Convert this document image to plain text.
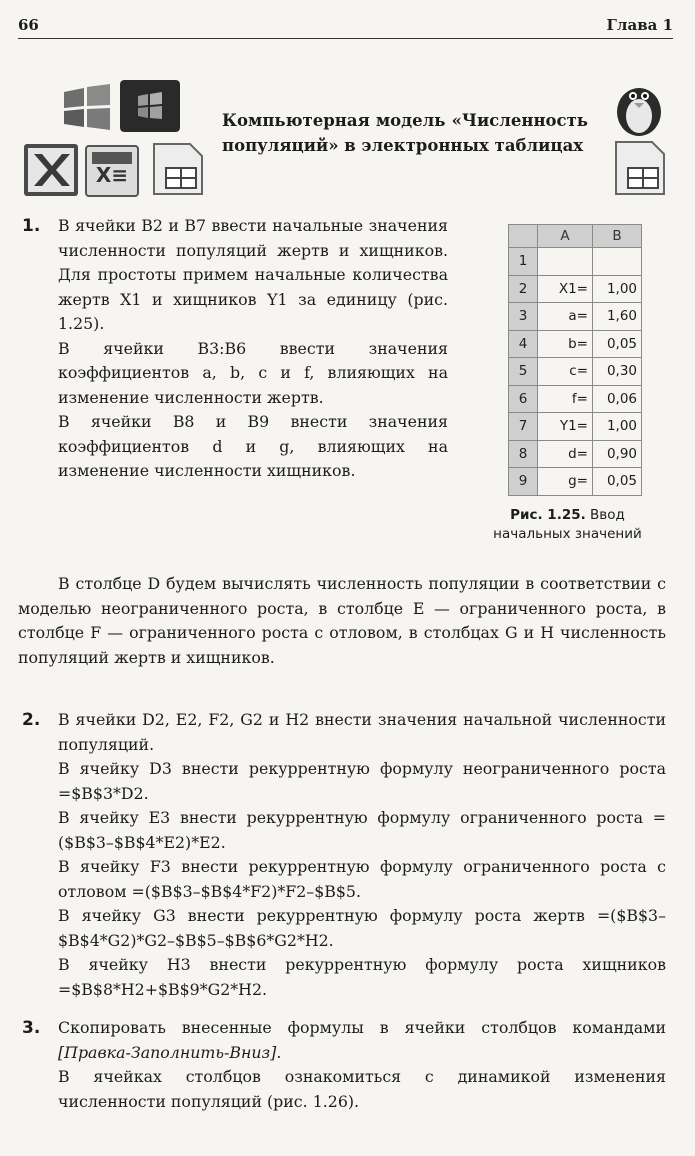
66	Глава 1
X≡
Компьютерная модель «Численность популяций» в электронных таблицах
1. В ячейки B2 и B7 ввести начальные значения численности популяций жертв и хищников. Для простоты примем начальные количества жертв X1 и хищников Y1 за единицу (рис. 1.25).

В ячейки B3:B6 ввести значения коэффициентов a, b, c и f, влияющих на изменение численности жертв.

В ячейки B8 и B9 внести значения коэффициентов d и g, влияющих на изменение численности хищников.

	A	B
1		
2	X1=	1,00
3	a=	1,60
4	b=	0,05
5	c=	0,30
6	f=	0,06
7	Y1=	1,00
8	d=	0,90
9	g=	0,05
Рис. 1.25. Ввод начальных значений
В столбце D будем вычислять численность популяции в соответствии с моделью неограниченного роста, в столбце E — ограниченного роста, в столбце F — ограниченного роста с отловом, в столбцах G и H численность популяций жертв и хищников.
2. В ячейки D2, E2, F2, G2 и H2 внести значения начальной численности популяций.

В ячейку D3 внести рекуррентную формулу неограниченного роста =$B$3*D2.

В ячейку E3 внести рекуррентную формулу ограниченного роста =($B$3–$B$4*E2)*E2.

В ячейку F3 внести рекуррентную формулу ограниченного роста с отловом =($B$3–$B$4*F2)*F2–$B$5.

В ячейку G3 внести рекуррентную формулу роста жертв =($B$3–$B$4*G2)*G2–$B$5–$B$6*G2*H2.

В ячейку H3 внести рекуррентную формулу роста хищников =$B$8*H2+$B$9*G2*H2.

3. Скопировать внесенные формулы в ячейки столбцов командами [Правка-Заполнить-Вниз].

В ячейках столбцов ознакомиться с динамикой изменения численности популяций (рис. 1.26).
